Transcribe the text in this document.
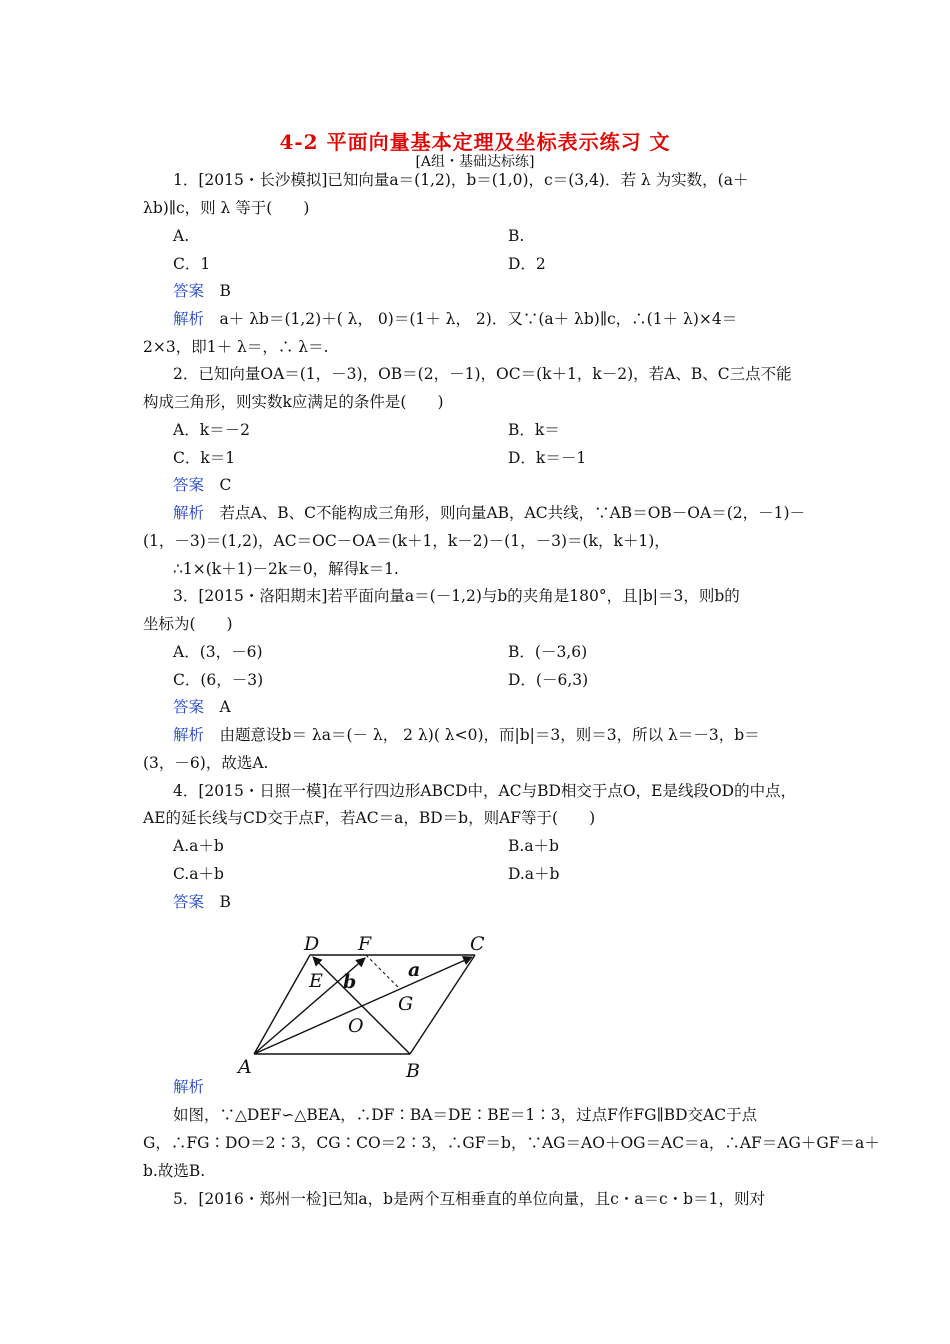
4-2 平面向量基本定理及坐标表示练习 文
[A组・基础达标练]
1．[2015・长沙模拟]已知向量a＝(1,2)，b＝(1,0)，c＝(3,4)．若 λ 为实数，(a＋
λb)∥c，则 λ 等于(　　)
A.	B.
C．1	D．2
答案　 B
解析　 a＋ λb＝(1,2)＋( λ， 0)＝(1＋ λ， 2)．又∵(a＋ λb)∥c，∴(1＋ λ)×4＝
2×3，即1＋ λ＝，∴ λ＝.
2．已知向量OA＝(1，－3)，OB＝(2，－1)，OC＝(k＋1，k－2)，若A、B、C三点不能
构成三角形，则实数k应满足的条件是(　　)
A．k＝－2	B．k＝
C．k＝1	D．k＝－1
答案　 C
解析　 若点A、B、C不能构成三角形，则向量AB，AC共线，∵AB＝OB－OA＝(2，－1)－
(1，－3)＝(1,2)，AC＝OC－OA＝(k＋1，k－2)－(1，－3)＝(k，k＋1)，
∴1×(k＋1)－2k＝0，解得k＝1.
3．[2015・洛阳期末]若平面向量a＝(－1,2)与b的夹角是180°，且|b|＝3，则b的
坐标为(　　)
A．(3，－6)	B．(－3,6)
C．(6，－3)	D．(－6,3)
答案　 A
解析　 由题意设b＝ λa＝(－ λ， 2 λ)( λ<0)，而|b|＝3，则＝3，所以 λ＝－3，b＝
(3，－6)，故选A.
4．[2015・日照一模]在平行四边形ABCD中，AC与BD相交于点O，E是线段OD的中点，
AE的延长线与CD交于点F，若AC＝a，BD＝b，则AF等于(　　)
A.a＋b	B.a＋b
C.a＋b	D.a＋b
答案　 B
D F	C
E	a
b
G
O
A	B
解析
如图，∵△DEF∽△BEA，∴DF∶BA＝DE∶BE＝1∶3，过点F作FG∥BD交AC于点
G，∴FG∶DO＝2∶3，CG∶CO＝2∶3，∴GF＝b，∵AG＝AO＋OG＝AC＝a，∴AF＝AG＋GF＝a＋
b.故选B.
5．[2016・郑州一检]已知a，b是两个互相垂直的单位向量，且c・a＝c・b＝1，则对
